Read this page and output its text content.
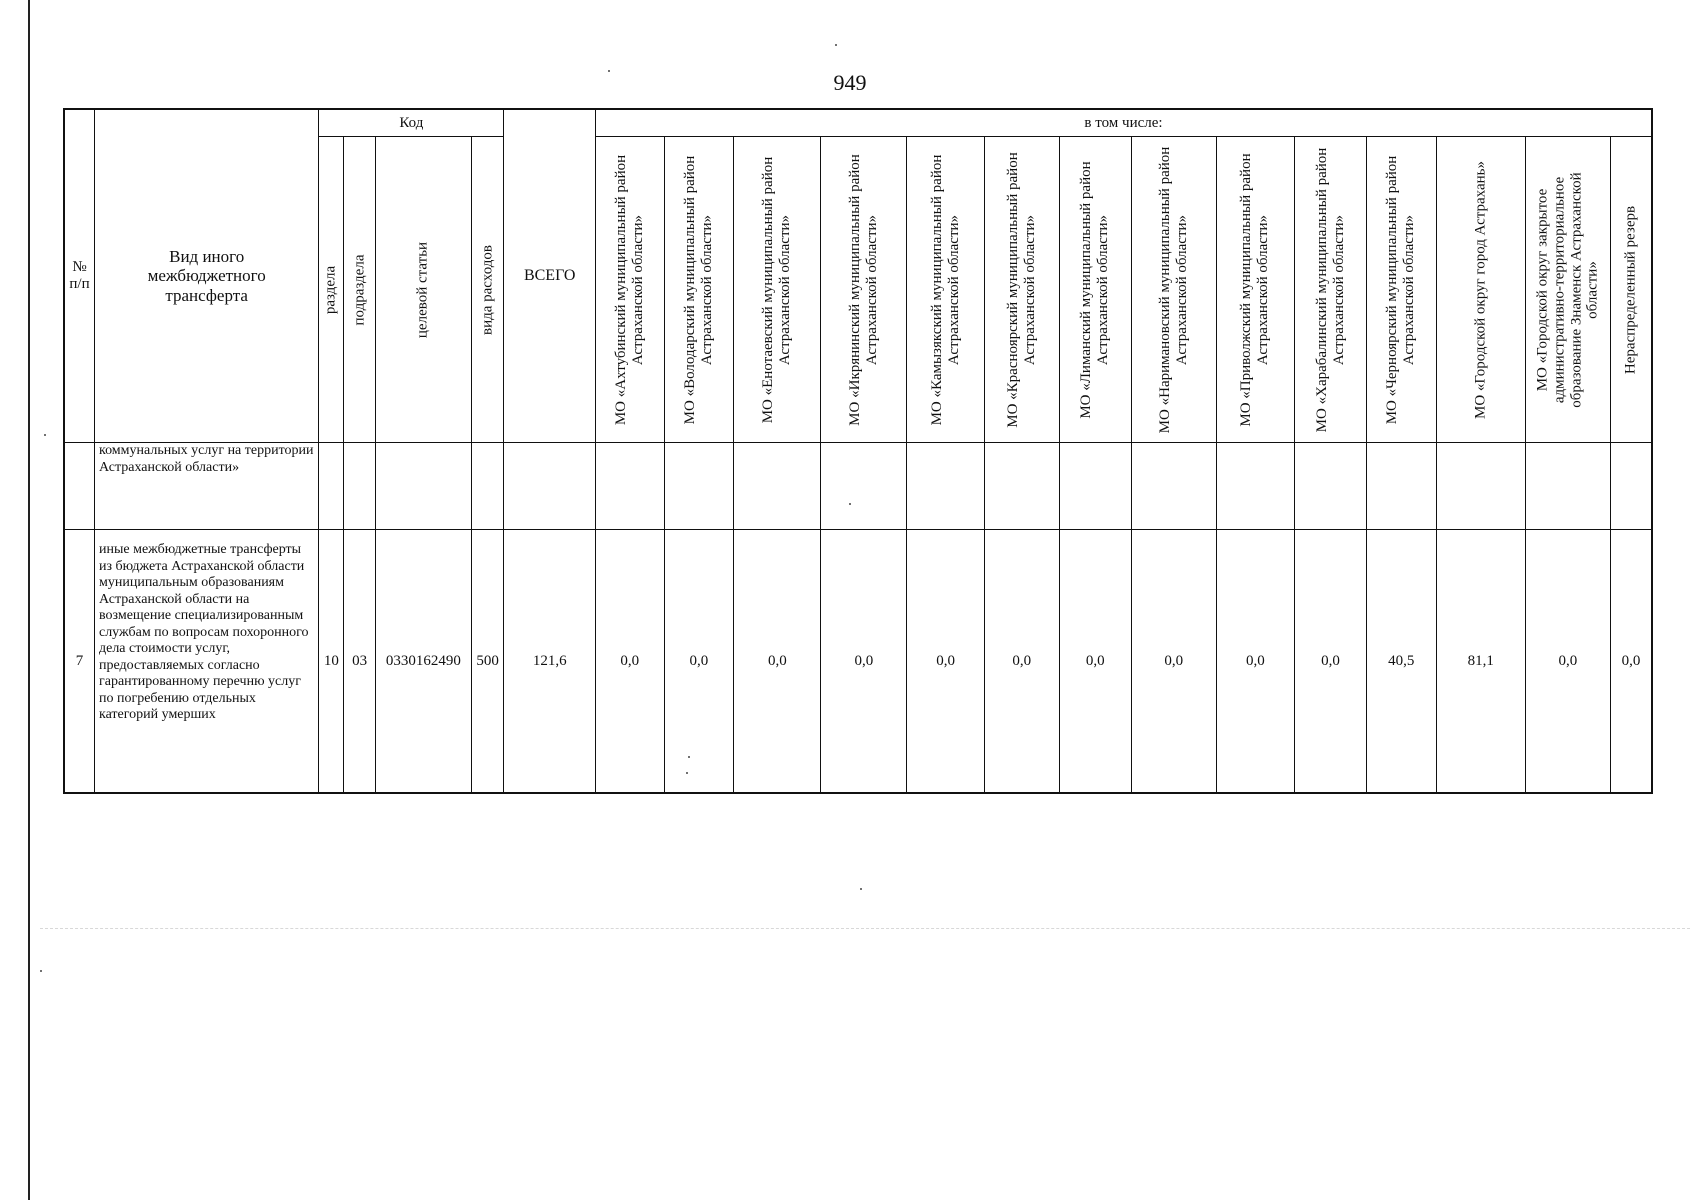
949
№ п/п	Вид иного межбюджетного трансферта	Код				ВСЕГО	в том числе:													

		раздела	подраздела	целевой статьи	вида расходов		МО «Ахтубинский муниципальный район Астраханской области»	МО «Володарский муниципальный район Астраханской области»	МО «Енотаевский муниципальный район Астраханской области»	МО «Икрянинский муниципальный район Астраханской области»	МО «Камызякский муниципальный район Астраханской области»	МО «Красноярский муниципальный район Астраханской области»	МО «Лиманский муниципальный район Астраханской области»	МО «Наримановский муниципальный район Астраханской области»	МО «Приволжский муниципальный район Астраханской области»	МО «Харабалинский муниципальный район Астраханской области»	МО «Черноярский муниципальный район Астраханской области»	МО «Городской округ город Астрахань»	МО «Городской округ закрытое административно-территориальное образование Знаменск Астраханской области»	Нераспределенный резерв

	коммунальных услуг на территории Астраханской области»																			
7	иные межбюджетные трансферты из бюджета Астраханской области муниципальным образованиям Астраханской области на возмещение специализированным службам по вопросам похоронного дела стоимости услуг, предоставляемых согласно гарантированному перечню услуг по погребению отдельных категорий умерших	10	03	0330162490	500	121,6	0,0	0,0	0,0	0,0	0,0	0,0	0,0	0,0	0,0	0,0	40,5	81,1	0,0	0,0
